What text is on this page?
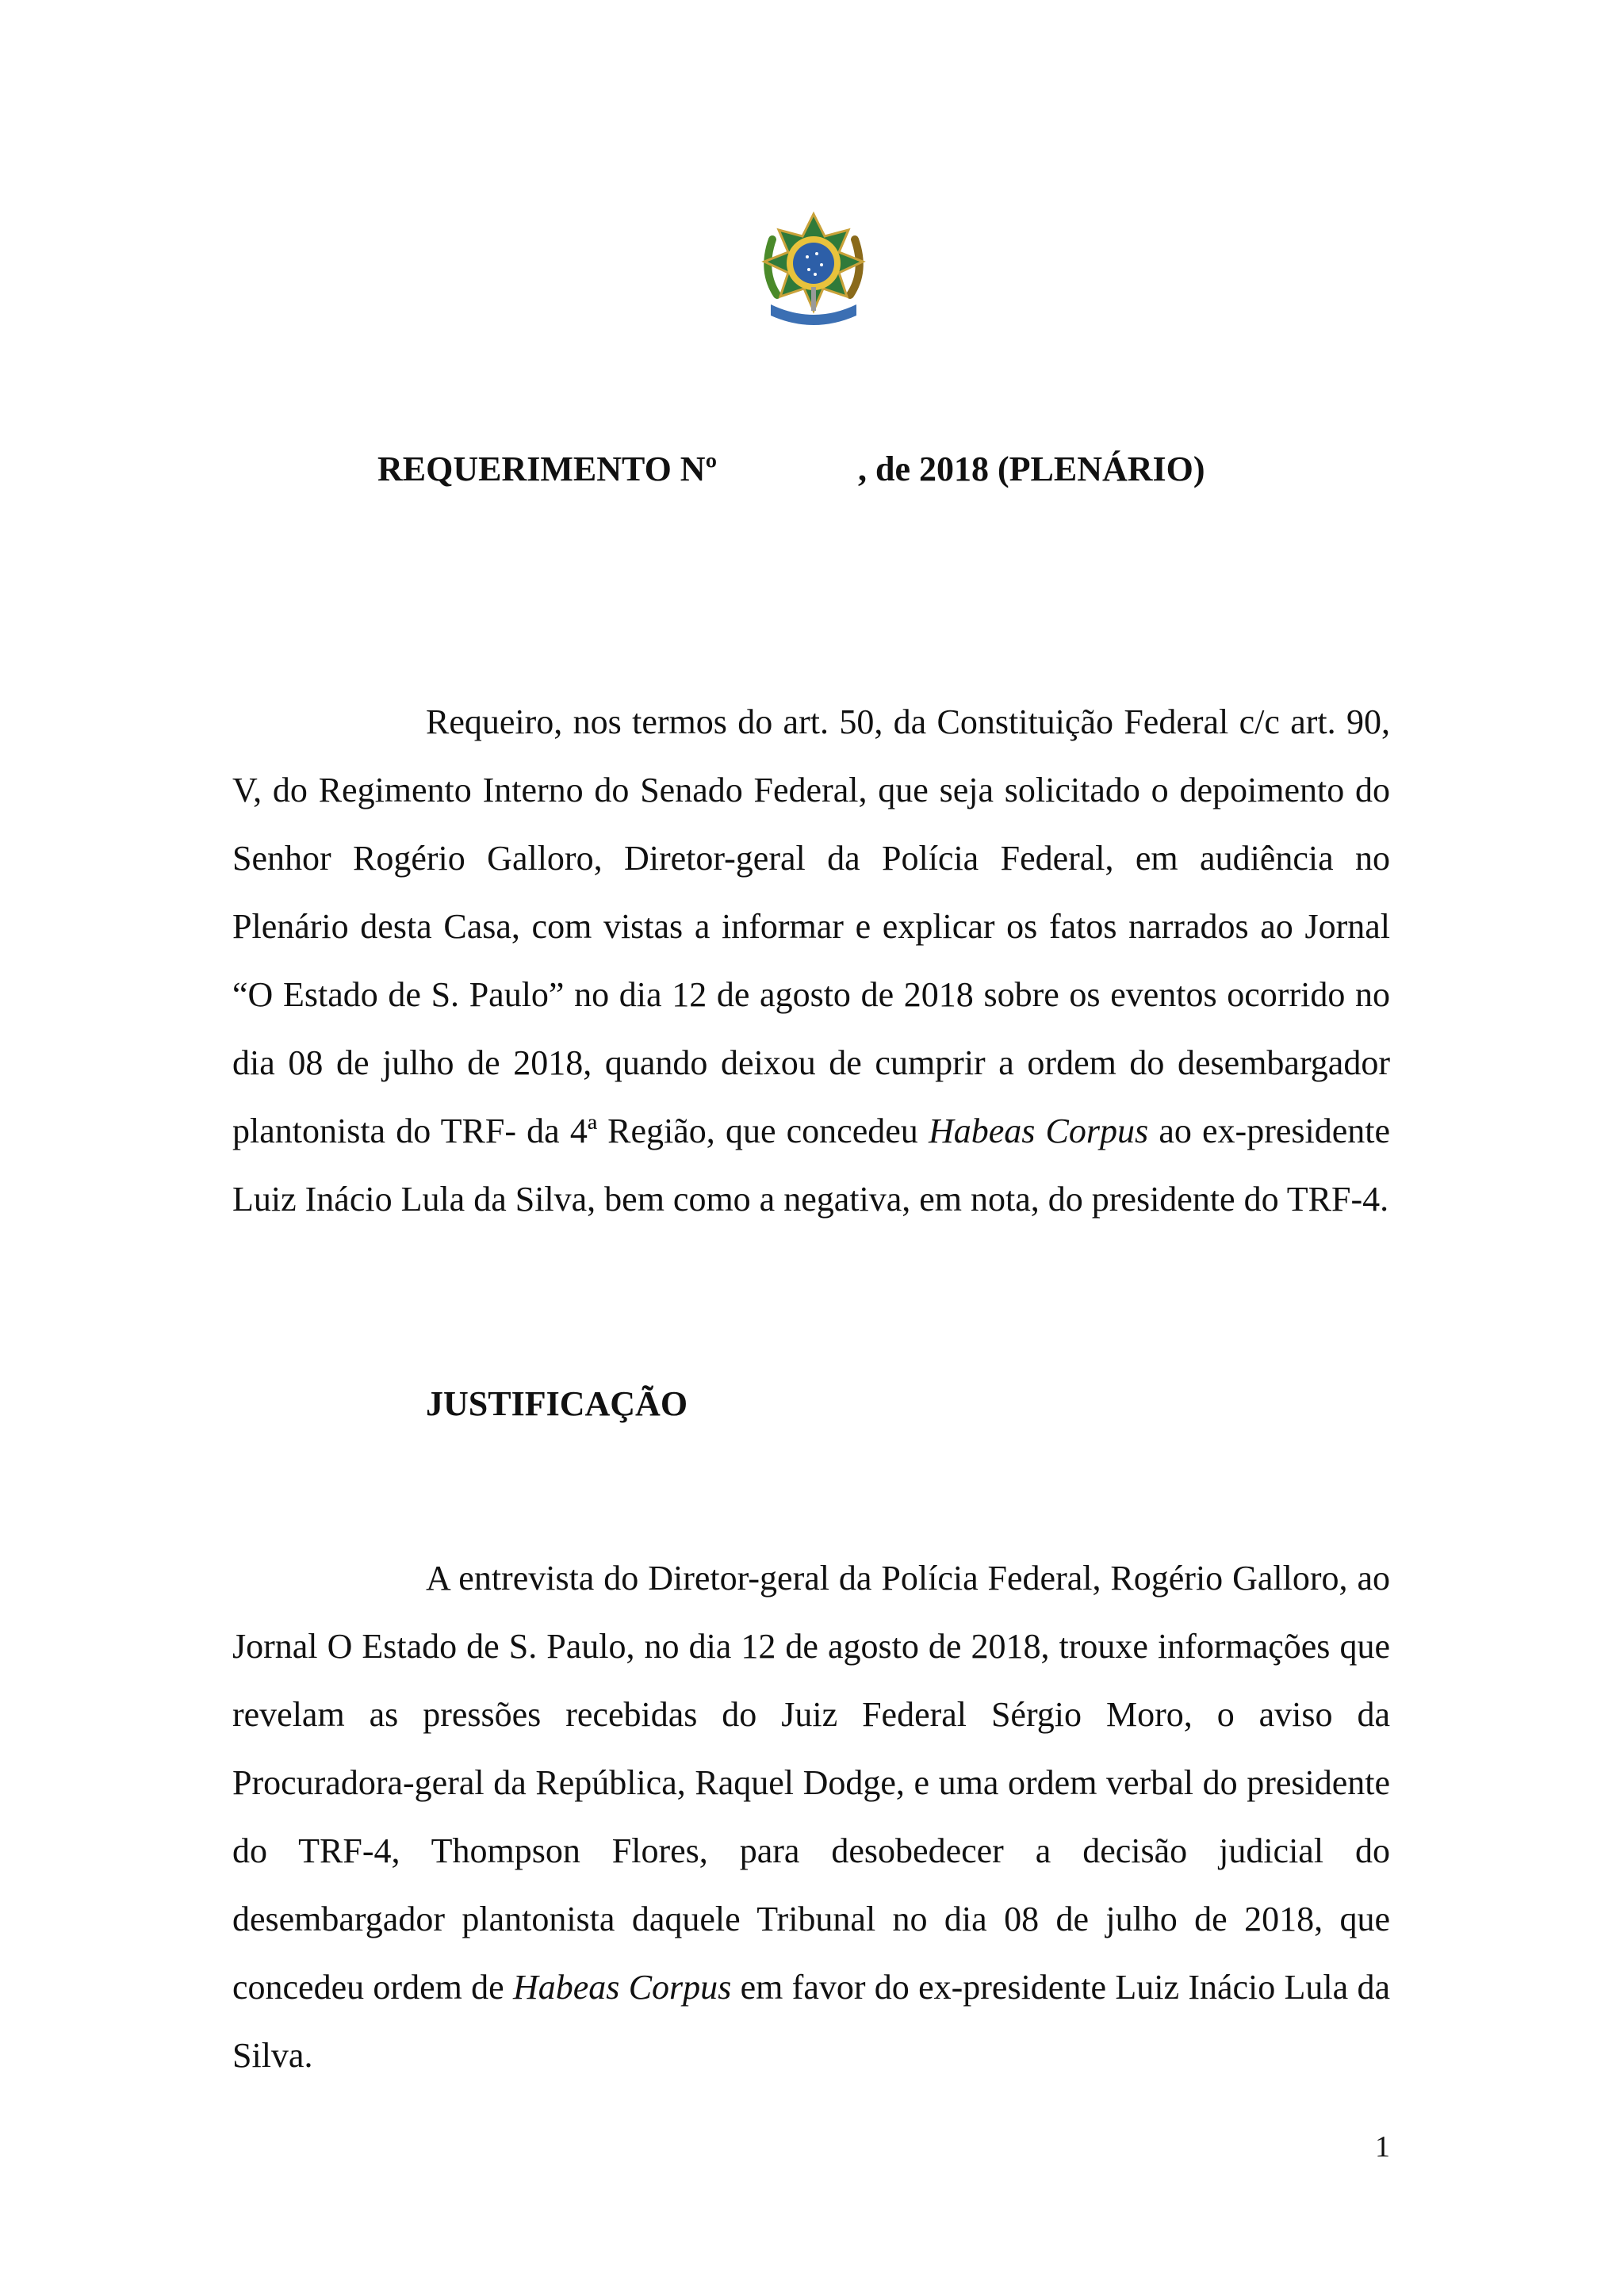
REQUERIMENTO Nº

	, de 2018 (PLENÁRIO)

Requeiro, nos termos do art. 50, da Constituição Federal c/c art. 90, V, do Regimento Interno do Senado Federal, que seja solicitado o depoimento do Senhor Rogério Galloro, Diretor-geral da Polícia Federal, em audiência no Plenário desta Casa, com vistas a informar e explicar os fatos narrados ao Jornal “O Estado de S. Paulo” no dia 12 de agosto de 2018 sobre os eventos ocorrido no dia 08 de julho de 2018, quando deixou de cumprir a ordem do desembargador plantonista do TRF- da 4ª Região, que concedeu Habeas Corpus ao ex-presidente Luiz Inácio Lula da Silva, bem como a negativa, em nota, do presidente do TRF-4.

JUSTIFICAÇÃO

A entrevista do Diretor-geral da Polícia Federal, Rogério Galloro, ao Jornal O Estado de S. Paulo, no dia 12 de agosto de 2018, trouxe informações que revelam as pressões recebidas do Juiz Federal Sérgio Moro, o aviso da Procuradora-geral da República, Raquel Dodge, e uma ordem verbal do presidente do TRF-4, Thompson Flores, para desobedecer a decisão judicial do desembargador plantonista daquele Tribunal no dia 08 de julho de 2018, que concedeu ordem de Habeas Corpus em favor do ex-presidente Luiz Inácio Lula da Silva.

1
